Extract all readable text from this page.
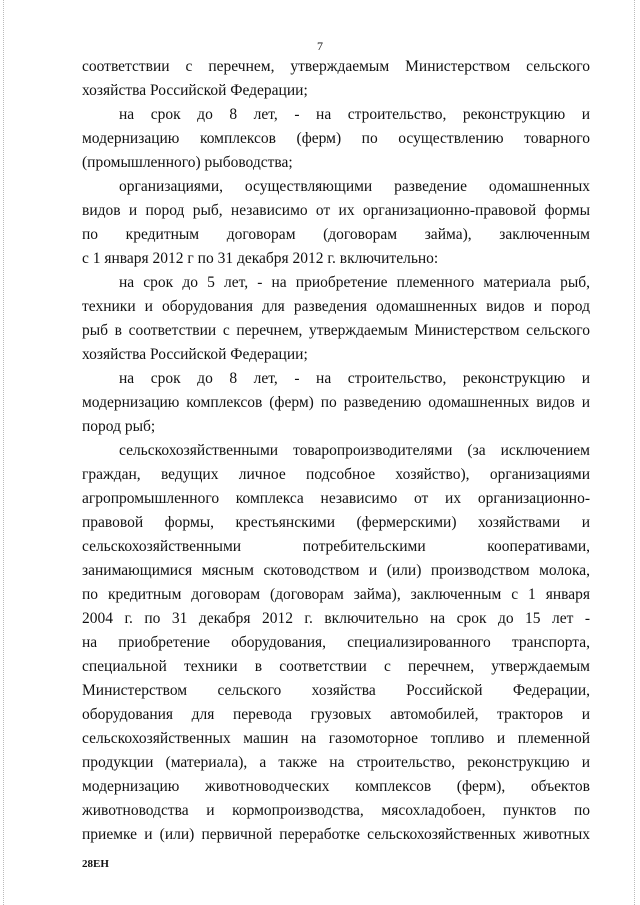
7
соответствии с перечнем, утверждаемым Министерством сельского
хозяйства Российской Федерации;
на срок до 8 лет, - на строительство, реконструкцию и
модернизацию комплексов (ферм) по осуществлению товарного
(промышленного) рыбоводства;
организациями, осуществляющими разведение одомашненных
видов и пород рыб, независимо от их организационно-правовой формы
по кредитным договорам (договорам займа), заключенным
с 1 января 2012 г по 31 декабря 2012 г. включительно:
на срок до 5 лет, - на приобретение племенного материала рыб,
техники и оборудования для разведения одомашненных видов и пород
рыб в соответствии с перечнем, утверждаемым Министерством сельского
хозяйства Российской Федерации;
на срок до 8 лет, - на строительство, реконструкцию и
модернизацию комплексов (ферм) по разведению одомашненных видов и
пород рыб;
сельскохозяйственными товаропроизводителями (за исключением
граждан, ведущих личное подсобное хозяйство), организациями
агропромышленного комплекса независимо от их организационно-
правовой формы, крестьянскими (фермерскими) хозяйствами и
сельскохозяйственными потребительскими кооперативами,
занимающимися мясным скотоводством и (или) производством молока,
по кредитным договорам (договорам займа), заключенным с 1 января
2004 г. по 31 декабря 2012 г. включительно на срок до 15 лет -
на приобретение оборудования, специализированного транспорта,
специальной техники в соответствии с перечнем, утверждаемым
Министерством сельского хозяйства Российской Федерации,
оборудования для перевода грузовых автомобилей, тракторов и
сельскохозяйственных машин на газомоторное топливо и племенной
продукции (материала), а также на строительство, реконструкцию и
модернизацию животноводческих комплексов (ферм), объектов
животноводства и кормопроизводства, мясохладобоен, пунктов по
приемке и (или) первичной переработке сельскохозяйственных животных
28ЕН
